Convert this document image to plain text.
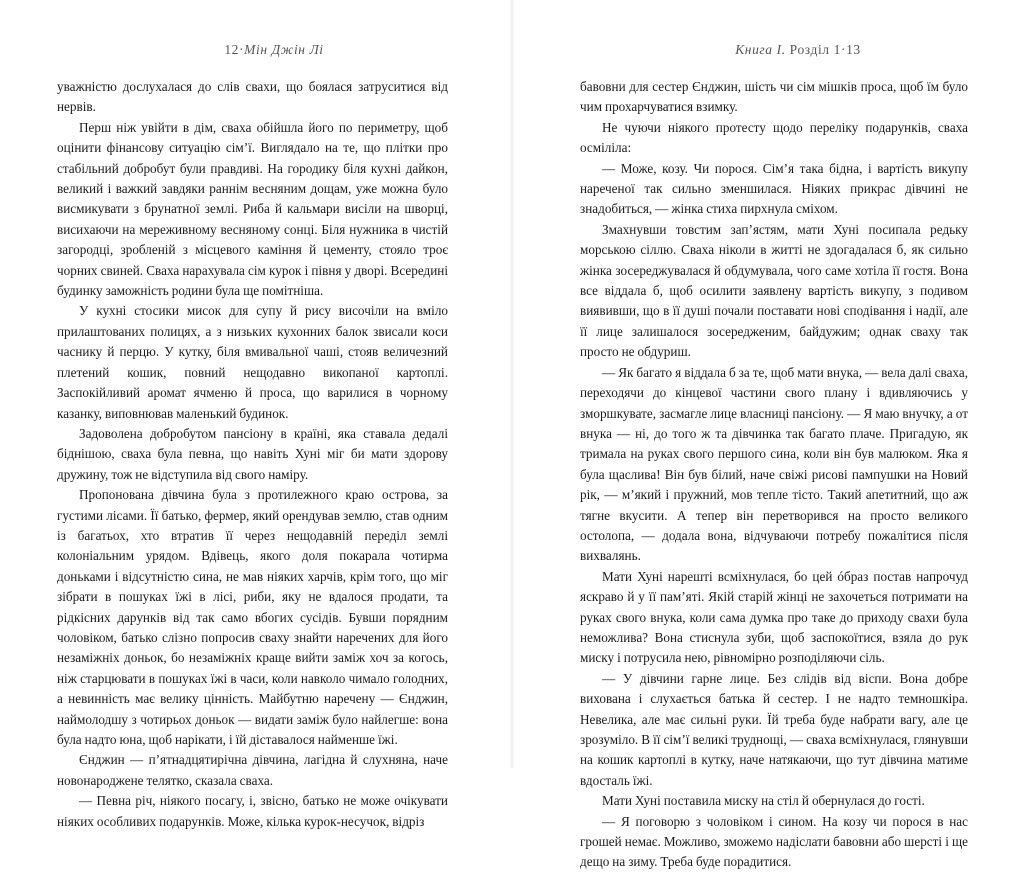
12·Мін Джін Лі

уважністю дослухалася до слів свахи, що боялася затруситися від нервів.

Перш ніж увійти в дім, сваха обійшла його по периметру, щоб оцінити фінансову ситуацію сім’ї. Виглядало на те, що плітки про стабільний добробут були правдиві. На городику біля кухні дайкон, великий і важкий завдяки раннім весняним дощам, уже можна було висмикувати з брунатної землі. Риба й кальмари висіли на шворці, висихаючи на мереживному весняному сонці. Біля нужника в чистій загородці, зробленій з місцевого каміння й цементу, стояло троє чорних свиней. Сваха нарахувала сім курок і півня у дворі. Всередині будинку заможність родини була ще помітніша.

У кухні стосики мисок для супу й рису височіли на вміло прилаштованих полицях, а з низьких кухонних балок звисали коси часнику й перцю. У кутку, біля вмивальної чаші, стояв величезний плетений кошик, повний нещодавно викопаної картоплі. Заспокійливий аромат ячменю й проса, що варилися в чорному казанку, виповнював маленький будинок.

Задоволена добробутом пансіону в країні, яка ставала дедалі біднішою, сваха була певна, що навіть Хуні міг би мати здорову дружину, тож не відступила від свого наміру.

Пропонована дівчина була з протилежного краю острова, за густими лісами. Її батько, фермер, який орендував землю, став одним із багатьох, хто втратив її через нещодавній переділ землі колоніальним урядом. Вдівець, якого доля покарала чотирма доньками і відсутністю сина, не мав ніяких харчів, крім того, що міг зібрати в пошуках їжі в лісі, риби, яку не вдалося продати, та рідкісних дарунків від так само вбогих сусідів. Бувши порядним чоловіком, батько слізно попросив сваху знайти наречених для його незаміжніх доньок, бо незаміжніх краще вийти заміж хоч за когось, ніж старцювати в пошуках їжі в часи, коли навколо чимало голодних, а невинність має велику цінність. Майбутню наречену — Єнджин, наймолодшу з чотирьох доньок — видати заміж було найлегше: вона була надто юна, щоб нарікати, і їй діставалося найменше їжі.

Єнджин — п’ятнадцятирічна дівчина, лагідна й слухняна, наче новонароджене телятко, сказала сваха.

— Певна річ, ніякого посагу, і, звісно, батько не може очікувати ніяких особливих подарунків. Може, кілька курок-несучок, відріз

Книга I. Розділ 1·13

бавовни для сестер Єнджин, шість чи сім мішків проса, щоб їм було чим прохарчуватися взимку.

Не чуючи ніякого протесту щодо переліку подарунків, сваха осміліла:

— Може, козу. Чи порося. Сім’я така бідна, і вартість викупу нареченої так сильно зменшилася. Ніяких прикрас дівчині не знадобиться, — жінка стиха пирхнула сміхом.

Змахнувши товстим зап’ястям, мати Хуні посипала редьку морською сіллю. Сваха ніколи в житті не здогадалася б, як сильно жінка зосереджувалася й обдумувала, чого саме хотіла її гостя. Вона все віддала б, щоб осилити заявлену вартість викупу, з подивом виявивши, що в її душі почали поставати нові сподівання і надії, але її лице залишалося зосередженим, байдужим; однак сваху так просто не обдуриш.

— Як багато я віддала б за те, щоб мати внука, — вела далі сваха, переходячи до кінцевої частини свого плану і вдивляючись у зморшкувате, засмагле лице власниці пансіону. — Я маю внучку, а от внука — ні, до того ж та дівчинка так багато плаче. Пригадую, як тримала на руках свого першого сина, коли він був малюком. Яка я була щаслива! Він був білий, наче свіжі рисові пампушки на Новий рік, — м’який і пружний, мов тепле тісто. Такий апетитний, що аж тягне вкусити. А тепер він перетворився на просто великого остолопа, — додала вона, відчуваючи потребу пожалітися після вихвалянь.

Мати Хуні нарешті всміхнулася, бо цей óбраз постав напрочуд яскраво й у її пам’яті. Якій старій жінці не захочеться потримати на руках свого внука, коли сама думка про таке до приходу свахи була неможлива? Вона стиснула зуби, щоб заспокоїтися, взяла до рук миску і потрусила нею, рівномірно розподіляючи сіль.

— У дівчини гарне лице. Без слідів від віспи. Вона добре вихована і слухається батька й сестер. І не надто темношкіра. Невелика, але має сильні руки. Їй треба буде набрати вагу, але це зрозуміло. В її сім’ї великі труднощі, — сваха всміхнулася, глянувши на кошик картоплі в кутку, наче натякаючи, що тут дівчина матиме вдосталь їжі.

Мати Хуні поставила миску на стіл й обернулася до гості.

— Я поговорю з чоловіком і сином. На козу чи порося в нас грошей немає. Можливо, зможемо надіслати бавовни або шерсті і ще дещо на зиму. Треба буде порадитися.
